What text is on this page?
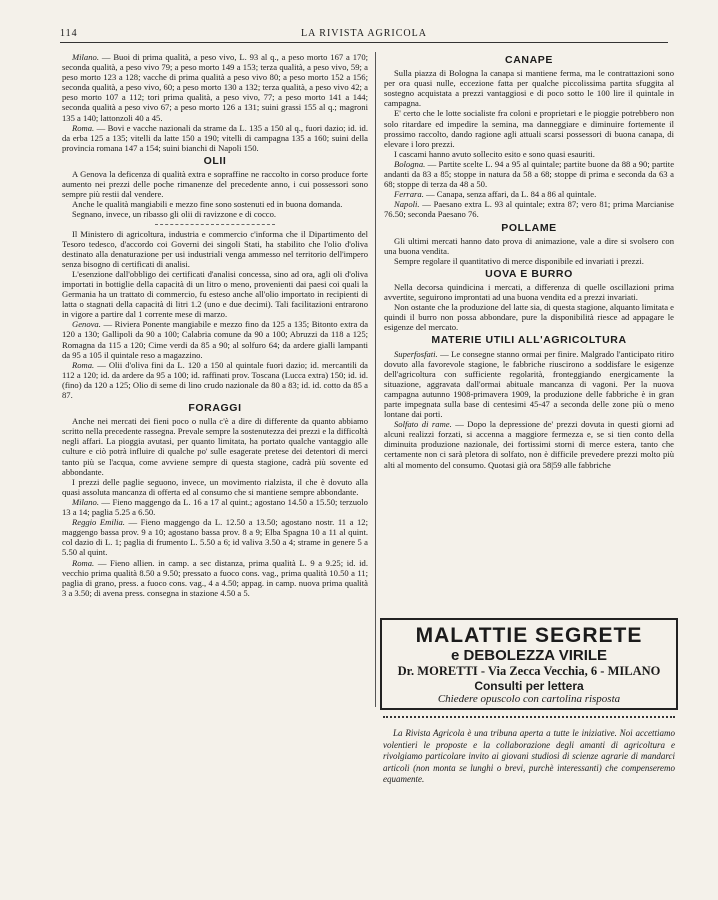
114	LA RIVISTA AGRICOLA

Milano. — Buoi di prima qualità, a peso vivo, L. 93 al q., a peso morto 167 a 170; seconda qualità, a peso vivo 79; a peso morto 149 a 153; terza qualità, a peso vivo, 59; a peso morto 123 a 128; vacche di prima qualità a peso vivo 80; a peso morto 152 a 156; seconda qualità, a peso vivo, 60; a peso morto 130 a 132; terza qualità, a peso vivo 42; a peso morto 107 a 112; tori prima qualità, a peso vivo, 77; a peso morto 141 a 144; seconda qualità a peso vivo 67; a peso morto 126 a 131; suini grassi 155 al q.; magroni 135 a 140; lattonzoli 40 a 45.

Roma. — Bovi e vacche nazionali da strame da L. 135 a 150 al q., fuori dazio; id. id. da erba 125 a 135; vitelli da latte 150 a 190; vitelli di campagna 135 a 160; suini della provincia romana 147 a 154; suini bianchi di Napoli 150.

OLII

A Genova la deficenza di qualità extra e sopraffine ne raccolto in corso produce forte aumento nei prezzi delle poche rimanenze del precedente anno, i cui possessori sono sempre più restii dal vendere.

Anche le qualità mangiabili e mezzo fine sono sostenuti ed in buona domanda.

Segnano, invece, un ribasso gli olii di ravizzone e di cocco.

Il Ministero di agricoltura, industria e commercio c'informa che il Dipartimento del Tesoro tedesco, d'accordo coi Governi dei singoli Stati, ha stabilito che l'olio d'oliva destinato alla denaturazione per usi industriali venga ammesso nel territorio dell'impero senza bisogno di certificati di analisi.

L'esenzione dall'obbligo dei certificati d'analisi concessa, sino ad ora, agli oli d'oliva importati in bottiglie della capacità di un litro o meno, provenienti dai paesi coi quali la Germania ha un trattato di commercio, fu esteso anche all'olio importato in recipienti di latta o stagnati della capacità di litri 1.2 (uno e due decimi). Tali facilitazioni entrarono in vigore a partire dal 1 corrente mese di marzo.

Genova. — Riviera Ponente mangiabile e mezzo fino da 125 a 135; Bitonto extra da 120 a 130; Gallipoli da 90 a 100; Calabria comune da 90 a 100; Abruzzi da 118 a 125; Romagna da 115 a 120; Cime verdi da 85 a 90; al solfuro 64; da ardere gialli lampanti da 95 a 105 il quintale reso a magazzino.

Roma. — Olii d'oliva fini da L. 120 a 150 al quintale fuori dazio; id. mercantili da 112 a 120; id. da ardere da 95 a 100; id. raffinati prov. Toscana (Lucca extra) 150; id. id. (fino) da 120 a 125; Olio di seme di lino crudo nazionale da 80 a 83; id. id. cotto da 85 a 87.

FORAGGI

Anche nei mercati dei fieni poco o nulla c'è a dire di differente da quanto abbiamo scritto nella precedente rassegna. Prevale sempre la sostenutezza dei prezzi e la difficoltà negli affari. La pioggia avutasi, per quanto limitata, ha portato qualche vantaggio alle culture e ciò potrà influire di qualche po' sulle esagerate pretese dei detentori di merci tanto più se l'acqua, come avviene sempre di questa stagione, cadrà più sovente ed abbondante.

I prezzi delle paglie seguono, invece, un movimento rialzista, il che è dovuto alla quasi assoluta mancanza di offerta ed al consumo che si mantiene sempre abbondante.

Milano. — Fieno maggengo da L. 16 a 17 al quint.; agostano 14.50 a 15.50; terzuolo 13 a 14; paglia 5.25 a 6.50.

Reggio Emilia. — Fieno maggengo da L. 12.50 a 13.50; agostano nostr. 11 a 12; maggengo bassa prov. 9 a 10; agostano bassa prov. 8 a 9; Elba Spagna 10 a 11 al quint. col dazio di L. 1; paglia di frumento L. 5.50 a 6; id valiva 3.50 a 4; strame in genere 5 a 5.50 al quint.

Roma. — Fieno allien. in camp. a sec distanza, prima qualità L. 9 a 9.25; id. id. vecchio prima qualità 8.50 a 9.50; pressato a fuoco cons. vag., prima qualità 10.50 a 11; paglia di grano, press. a fuoco cons. vag., 4 a 4.50; appag. in camp. nuova prima qualità 3 a 3.50; di avena press. consegna in stazione 4.50 a 5.

CANAPE

Sulla piazza di Bologna la canapa si mantiene ferma, ma le contrattazioni sono per ora quasi nulle, eccezione fatta per qualche piccolissima partita sfuggita al sostegno acquistata a prezzi vantaggiosi e di poco sotto le 100 lire il quintale in campagna.

E' certo che le lotte socialiste fra coloni e proprietari e le pioggie potrebbero non solo ritardare ed impedire la semina, ma danneggiare e diminuire fortemente il prossimo raccolto, dando ragione agli attuali scarsi possessori di buona canapa, di elevare i loro prezzi.

I cascami hanno avuto sollecito esito e sono quasi esauriti.

Bologna. — Partite scelte L. 94 a 95 al quintale; partite buone da 88 a 90; partite andanti da 83 a 85; stoppe in natura da 58 a 68; stoppe di prima e seconda da 63 a 68; stoppe di terza da 48 a 50.

Ferrara. — Canapa, senza affari, da L. 84 a 86 al quintale.

Napoli. — Paesano extra L. 93 al quintale; extra 87; vero 81; prima Marcianise 76.50; seconda Paesano 76.

POLLAME

Gli ultimi mercati hanno dato prova di animazione, vale a dire si svolsero con una buona vendita.

Sempre regolare il quantitativo di merce disponibile ed invariati i prezzi.

UOVA E BURRO

Nella decorsa quindicina i mercati, a differenza di quelle oscillazioni prima avvertite, seguirono improntati ad una buona vendita ed a prezzi invariati.

Non ostante che la produzione del latte sia, di questa stagione, alquanto limitata e quindi il burro non possa abbondare, pure la disponibilità riesce ad appagare le esigenze del mercato.

MATERIE UTILI ALL'AGRICOLTURA

Superfosfati. — Le consegne stanno ormai per finire. Malgrado l'anticipato ritiro dovuto alla favorevole stagione, le fabbriche riuscirono a soddisfare le esigenze dell'agricoltura con sufficiente regolarità, fronteggiando energicamente la situazione, aggravata dall'ormai abituale mancanza di vagoni. Per la nuova campagna autunno 1908-primavera 1909, la produzione delle fabbriche è in gran parte impegnata sulla base di centesimi 45-47 a seconda delle zone più o meno lontane dai porti.

Solfato di rame. — Dopo la depressione de' prezzi dovuta in questi giorni ad alcuni realizzi forzati, si accenna a maggiore fermezza e, se si tien conto della diminuita produzione nazionale, dei fortissimi storni di merce estera, tanto che certamente non ci sarà pletora di solfato, non è difficile prevedere prezzi molto più alti al momento del consumo. Quotasi già ora 58|59 alle fabbriche

MALATTIE SEGRETE
e DEBOLEZZA VIRILE
Dr. MORETTI - Via Zecca Vecchia, 6 - MILANO
Consulti per lettera
Chiedere opuscolo con cartolina risposta

La Rivista Agricola è una tribuna aperta a tutte le iniziative. Noi accettiamo volentieri le proposte e la collaborazione degli amanti di agricoltura e rivolgiamo particolare invito ai giovani studiosi di scienze agrarie di mandarci articoli (non monta se lunghi o brevi, purchè interessanti) che compenseremo equamente.
